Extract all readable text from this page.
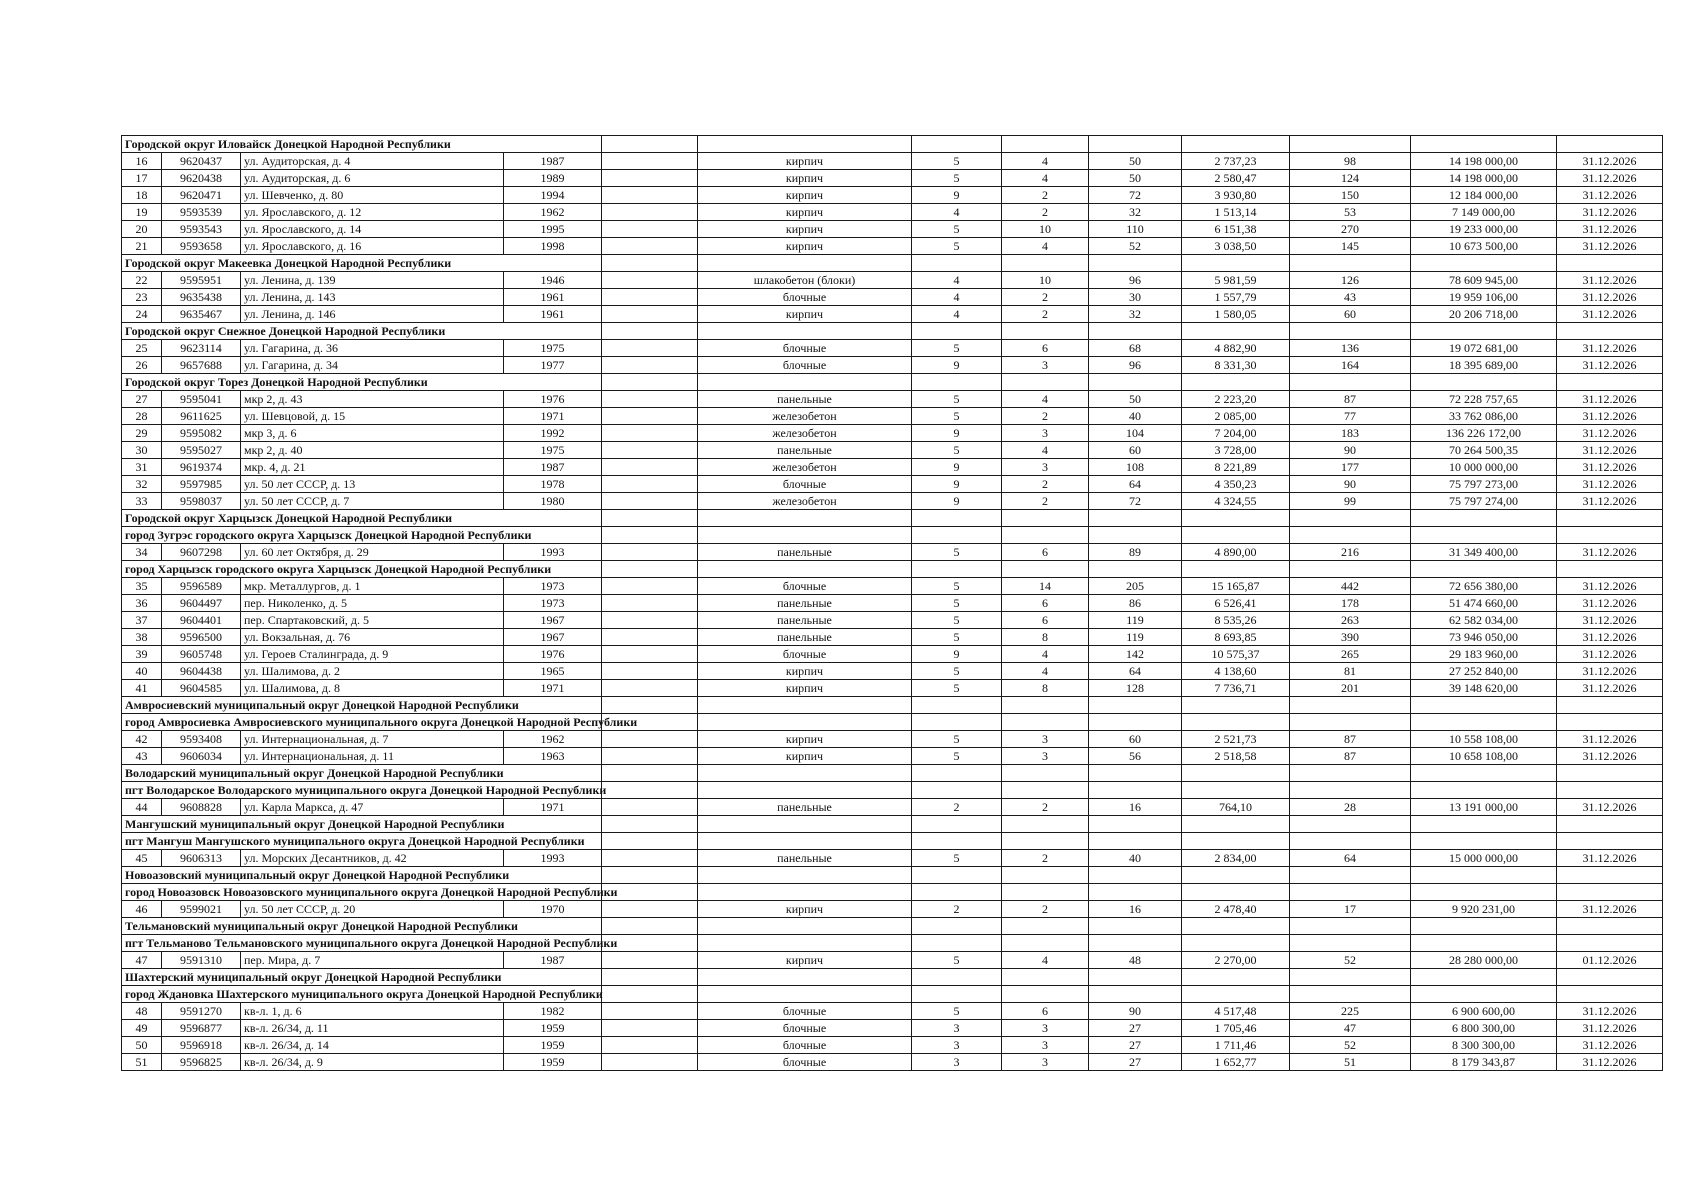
Городской округ Иловайск Донецкой Народной Республики												
16	9620437	ул. Аудиторская, д. 4	1987		кирпич	5	4	50	2 737,23	98	14 198 000,00	31.12.2026
17	9620438	ул. Аудиторская, д. 6	1989		кирпич	5	4	50	2 580,47	124	14 198 000,00	31.12.2026
18	9620471	ул. Шевченко, д. 80	1994		кирпич	9	2	72	3 930,80	150	12 184 000,00	31.12.2026
19	9593539	ул. Ярославского, д. 12	1962		кирпич	4	2	32	1 513,14	53	7 149 000,00	31.12.2026
20	9593543	ул. Ярославского, д. 14	1995		кирпич	5	10	110	6 151,38	270	19 233 000,00	31.12.2026
21	9593658	ул. Ярославского, д. 16	1998		кирпич	5	4	52	3 038,50	145	10 673 500,00	31.12.2026
Городской округ Макеевка Донецкой Народной Республики												
22	9595951	ул. Ленина, д. 139	1946		шлакобетон (блоки)	4	10	96	5 981,59	126	78 609 945,00	31.12.2026
23	9635438	ул. Ленина, д. 143	1961		блочные	4	2	30	1 557,79	43	19 959 106,00	31.12.2026
24	9635467	ул. Ленина, д. 146	1961		кирпич	4	2	32	1 580,05	60	20 206 718,00	31.12.2026
Городской округ Снежное Донецкой Народной Республики												
25	9623114	ул. Гагарина, д. 36	1975		блочные	5	6	68	4 882,90	136	19 072 681,00	31.12.2026
26	9657688	ул. Гагарина, д. 34	1977		блочные	9	3	96	8 331,30	164	18 395 689,00	31.12.2026
Городской округ Торез Донецкой Народной Республики												
27	9595041	мкр 2, д. 43	1976		панельные	5	4	50	2 223,20	87	72 228 757,65	31.12.2026
28	9611625	ул. Шевцовой, д. 15	1971		железобетон	5	2	40	2 085,00	77	33 762 086,00	31.12.2026
29	9595082	мкр 3, д. 6	1992		железобетон	9	3	104	7 204,00	183	136 226 172,00	31.12.2026
30	9595027	мкр 2, д. 40	1975		панельные	5	4	60	3 728,00	90	70 264 500,35	31.12.2026
31	9619374	мкр. 4, д. 21	1987		железобетон	9	3	108	8 221,89	177	10 000 000,00	31.12.2026
32	9597985	ул. 50 лет СССР, д. 13	1978		блочные	9	2	64	4 350,23	90	75 797 273,00	31.12.2026
33	9598037	ул. 50 лет СССР, д. 7	1980		железобетон	9	2	72	4 324,55	99	75 797 274,00	31.12.2026
Городской округ Харцызск Донецкой Народной Республики												
город Зугрэс городского округа Харцызск Донецкой Народной Республики												
34	9607298	ул. 60 лет Октября, д. 29	1993		панельные	5	6	89	4 890,00	216	31 349 400,00	31.12.2026
город Харцызск городского округа Харцызск Донецкой Народной Республики												
35	9596589	мкр. Металлургов, д. 1	1973		блочные	5	14	205	15 165,87	442	72 656 380,00	31.12.2026
36	9604497	пер. Николенко, д. 5	1973		панельные	5	6	86	6 526,41	178	51 474 660,00	31.12.2026
37	9604401	пер. Спартаковский, д. 5	1967		панельные	5	6	119	8 535,26	263	62 582 034,00	31.12.2026
38	9596500	ул. Вокзальная, д. 76	1967		панельные	5	8	119	8 693,85	390	73 946 050,00	31.12.2026
39	9605748	ул. Героев Сталинграда, д. 9	1976		блочные	9	4	142	10 575,37	265	29 183 960,00	31.12.2026
40	9604438	ул. Шалимова, д. 2	1965		кирпич	5	4	64	4 138,60	81	27 252 840,00	31.12.2026
41	9604585	ул. Шалимова, д. 8	1971		кирпич	5	8	128	7 736,71	201	39 148 620,00	31.12.2026
Амвросиевский муниципальный округ Донецкой Народной Республики												
город Амвросиевка Амвросиевского муниципального округа Донецкой Народной Республики												
42	9593408	ул. Интернациональная, д. 7	1962		кирпич	5	3	60	2 521,73	87	10 558 108,00	31.12.2026
43	9606034	ул. Интернациональная, д. 11	1963		кирпич	5	3	56	2 518,58	87	10 658 108,00	31.12.2026
Володарский муниципальный округ Донецкой Народной Республики												
пгт Володарское Володарского муниципального округа Донецкой Народной Республики												
44	9608828	ул. Карла Маркса, д. 47	1971		панельные	2	2	16	764,10	28	13 191 000,00	31.12.2026
Мангушский муниципальный округ Донецкой Народной Республики												
пгт Мангуш Мангушского муниципального округа Донецкой Народной Республики												
45	9606313	ул. Морских Десантников, д. 42	1993		панельные	5	2	40	2 834,00	64	15 000 000,00	31.12.2026
Новоазовский муниципальный округ Донецкой Народной Республики												
город Новоазовск Новоазовского муниципального округа Донецкой Народной Республики												
46	9599021	ул. 50 лет СССР, д. 20	1970		кирпич	2	2	16	2 478,40	17	9 920 231,00	31.12.2026
Тельмановский муниципальный округ Донецкой Народной Республики												
пгт Тельманово Тельмановского муниципального округа Донецкой Народной Республики												
47	9591310	пер. Мира, д. 7	1987		кирпич	5	4	48	2 270,00	52	28 280 000,00	01.12.2026
Шахтерский муниципальный округ Донецкой Народной Республики												
город Ждановка Шахтерского муниципального округа Донецкой Народной Республики												
48	9591270	кв-л. 1, д. 6	1982		блочные	5	6	90	4 517,48	225	6 900 600,00	31.12.2026
49	9596877	кв-л. 26/34, д. 11	1959		блочные	3	3	27	1 705,46	47	6 800 300,00	31.12.2026
50	9596918	кв-л. 26/34, д. 14	1959		блочные	3	3	27	1 711,46	52	8 300 300,00	31.12.2026
51	9596825	кв-л. 26/34, д. 9	1959		блочные	3	3	27	1 652,77	51	8 179 343,87	31.12.2026
